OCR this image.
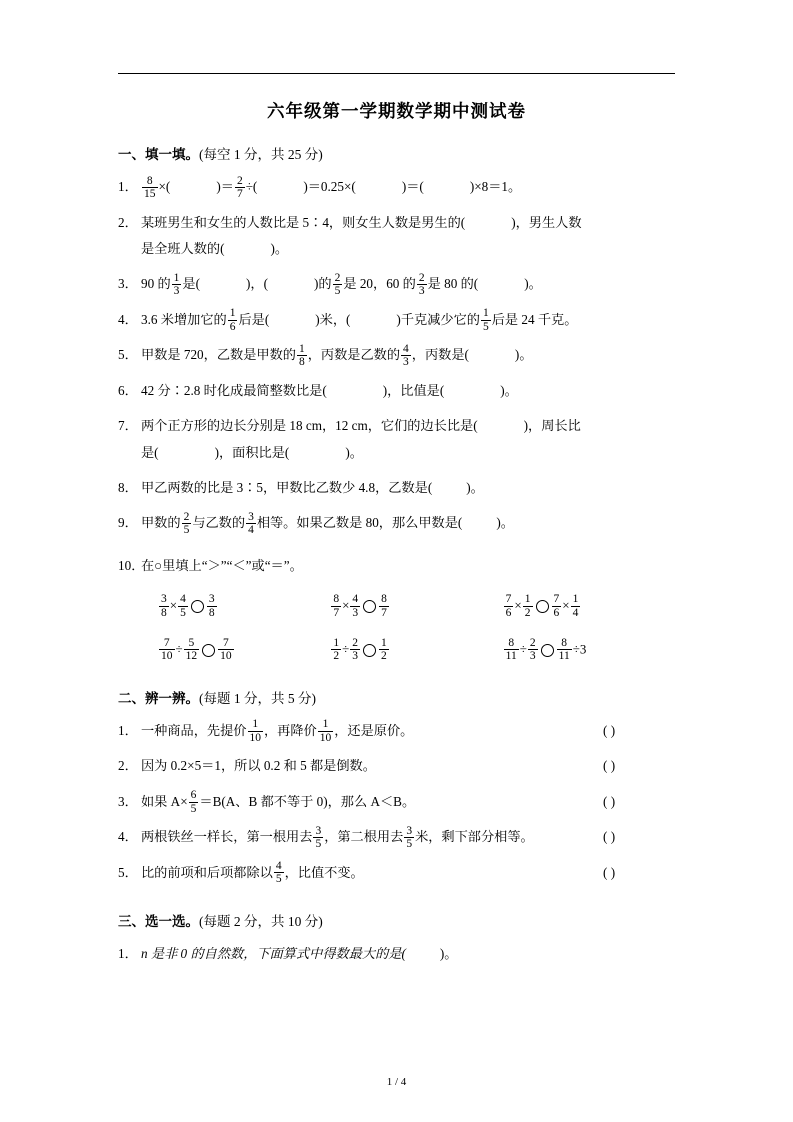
六年级第一学期数学期中测试卷
一、填一填。(每空 1 分，共 25 分)
1． $\frac{8}{15}$ ×(	)＝ $\frac{2}{7}$ ÷(	)＝0.25×(	)＝(	)×8＝1。
2． 某班男生和女生的人数比是 5∶4，则女生人数是男生的(	)，男生人数
是全班人数的(	)。
3． 90 的 $\frac{1}{3}$ 是(	)，(	)的 $\frac{2}{5}$ 是 20，60 的 $\frac{2}{3}$ 是 80 的(	)。
4． 3.6 米增加它的 $\frac{1}{6}$ 后是(	)米，(	)千克减少它的 $\frac{1}{5}$ 后是 24 千克。
5． 甲数是 720，乙数是甲数的 $\frac{1}{8}$ ，丙数是乙数的 $\frac{4}{3}$ ，丙数是(	)。
6． 42 分∶2.8 时化成最简整数比是(	)，比值是(	)。
7． 两个正方形的边长分别是 18 cm，12 cm，它们的边长比是(	)，周长比
是(	)，面积比是(	)。
8． 甲乙两数的比是 3∶5，甲数比乙数少 4.8，乙数是(	)。
9． 甲数的 $\frac{2}{5}$ 与乙数的 $\frac{3}{4}$ 相等。如果乙数是 80，那么甲数是(	)。
10．在○里填上“＞”“＜”或“＝”。
$\frac{3}{8} \times \frac{4}{5} \frac{3}{8}$	$\frac{8}{7} \times \frac{4}{3} \frac{8}{7}$	$\frac{7}{6} \times \frac{1}{2} \frac{7}{6} \times \frac{1}{4}$
$\frac{7}{10} \div \frac{5}{12} \frac{7}{10}$	$\frac{1}{2} \div \frac{2}{3} \frac{1}{2}$	$\frac{8}{11} \div \frac{2}{3} \frac{8}{11} \div 3$
二、辨一辨。(每题 1 分，共 5 分)
1． 一种商品，先提价 $\frac{1}{10}$ ，再降价 $\frac{1}{10}$ ，还是原价。	( )
2． 因为 0.2×5＝1，所以 0.2 和 5 都是倒数。	( )
3． 如果 $A\times \frac{6}{5} =B(A$、B 都不等于 0)，那么 A＜B。	( )
4． 两根铁丝一样长，第一根用去 $\frac{3}{5}$ ，第二根用去 $\frac{3}{5}$ 米，剩下部分相等。	( )
5． 比的前项和后项都除以 $\frac{4}{5}$ ，比值不变。	( )
三、选一选。(每题 2 分，共 10 分)
1． n 是非 0 的自然数，下面算式中得数最大的是(	)。
1 / 4
